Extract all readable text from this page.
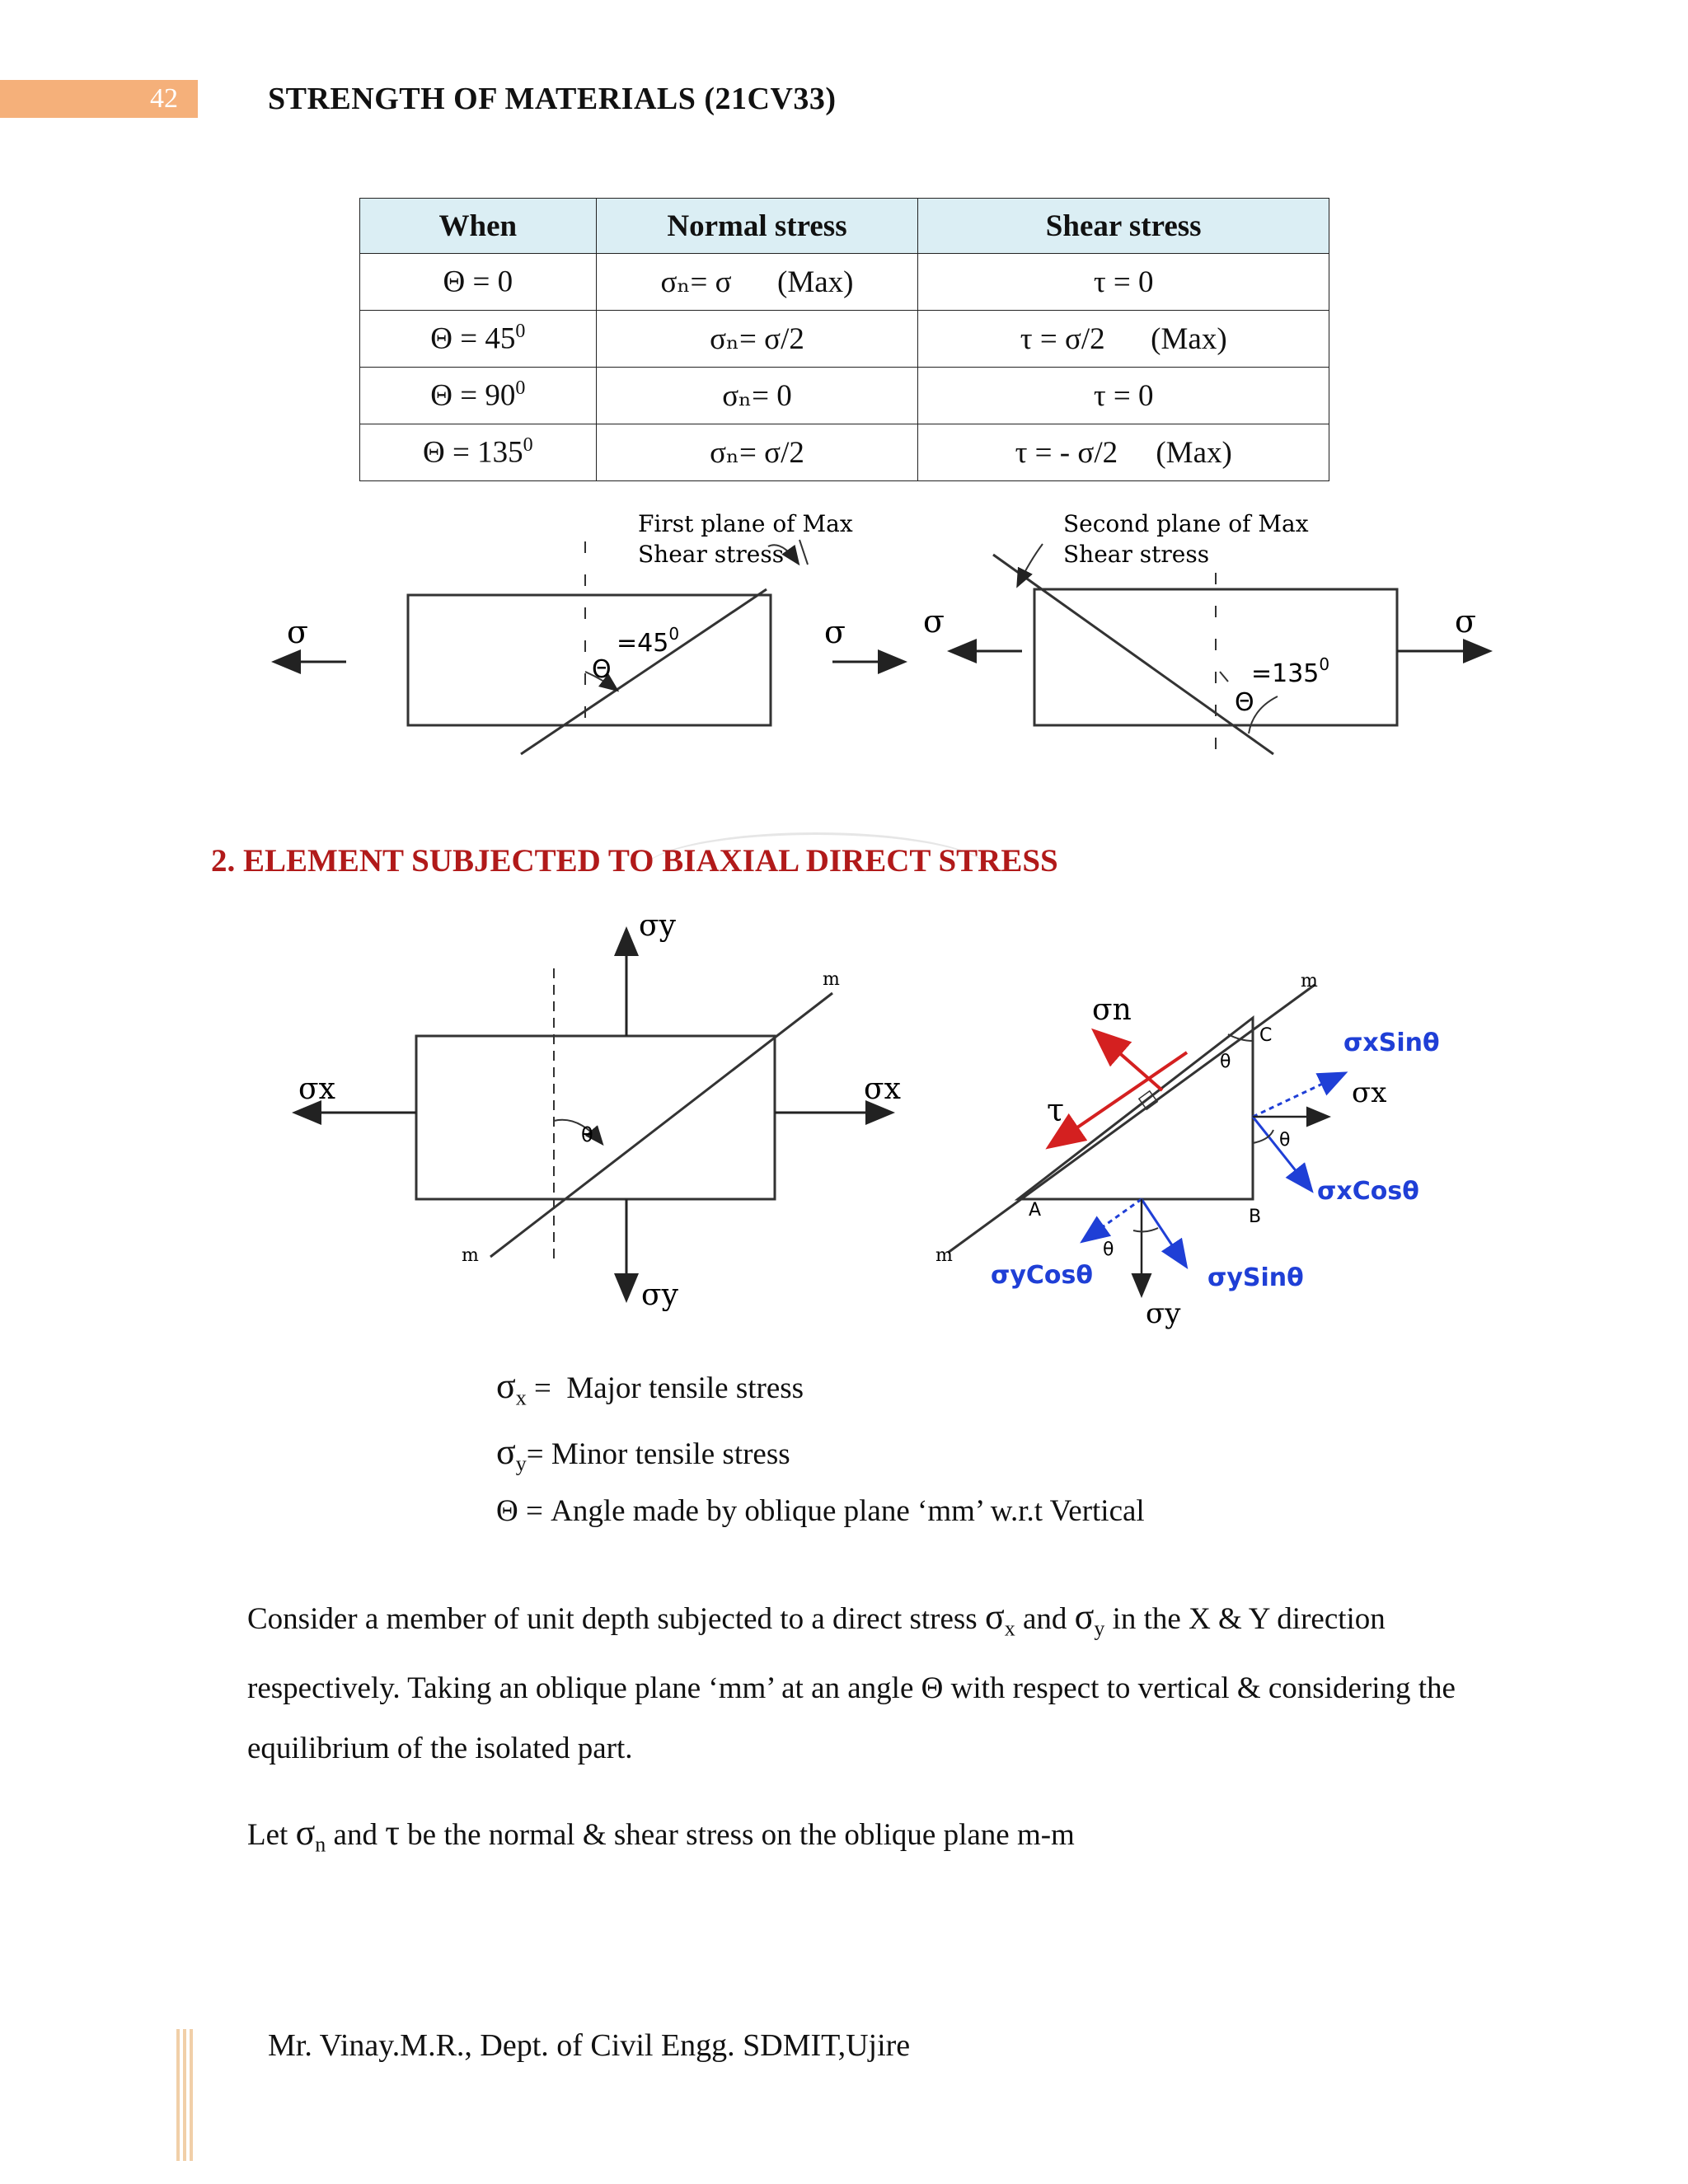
42	STRENGTH OF MATERIALS (21CV33)
When	Normal stress	Shear stress
Θ = 0	σₙ= σ      (Max)	τ = 0
$\Theta = 45^0$	σₙ= σ/2	τ = σ/2      (Max)
$\Theta = 90^0$	σₙ= 0	τ = 0
$\Theta = 135^0$	σₙ= σ/2	τ = - σ/2     (Max)
σ	σ
Θ
$=45^0$
First plane of Max
Shear stress
σ	σ
Θ
$=135^0$
Second plane of Max
Shear stress
2. ELEMENT SUBJECTED TO BIAXIAL DIRECT STRESS
σx	σx
σy
σy
m
m
θ
σn
τ
A	B
C
m
m
θ
θ
θ
σx
σy
σxSinθ
σxCosθ
σyCosθ	σySinθ
$\sigma_x$ =  Major tensile stress
$\sigma_y=$ Minor tensile stress
Θ = Angle made by oblique plane ‘mm’ w.r.t Vertical
Consider a member of unit depth subjected to a direct stress $\sigma_x$ and $\sigma_y$ in the X & Y direction respectively. Taking an oblique plane ‘mm’ at an angle Θ with respect to vertical & considering the equilibrium of the isolated part.
Let $\sigma_n$ and τ be the normal & shear stress on the oblique plane m-m
Mr. Vinay.M.R., Dept. of Civil Engg. SDMIT,Ujire
